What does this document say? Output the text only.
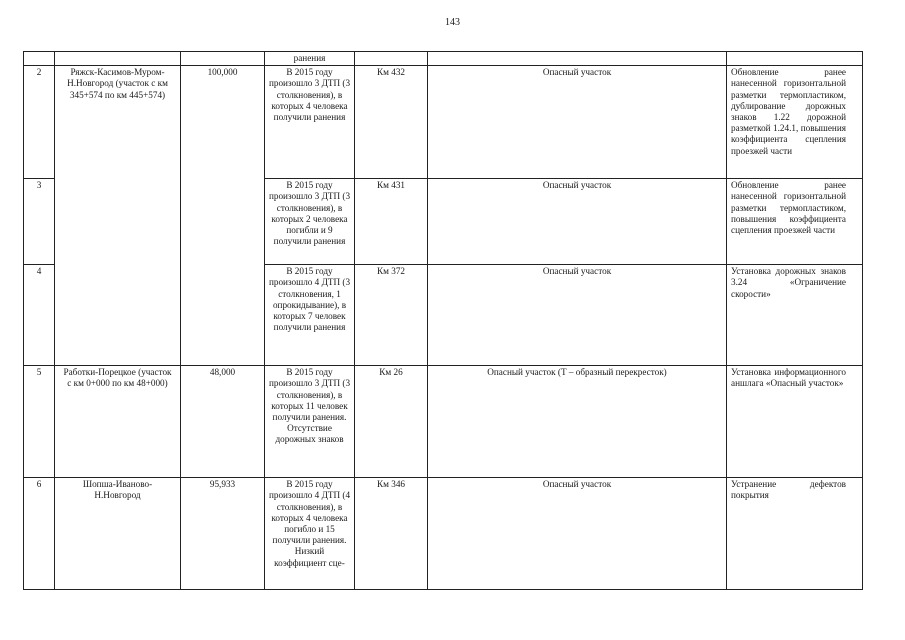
143
			ранения			
2	Ряжск-Касимов-Муром-Н.Новгород (участок с км 345+574 по км 445+574)	100,000	В 2015 году произошло 3 ДТП (3 столкновения), в которых 4 человека получили ранения	Км 432	Опасный участок	Обновление ранее нанесенной горизонтальной разметки термопластиком, дублирование дорожных знаков 1.22 дорожной разметкой 1.24.1, повышения коэффициента сцепления проезжей части
3			В 2015 году произошло 3 ДТП (3 столкновения), в которых 2 человека погибли и 9 получили ранения	Км 431	Опасный участок	Обновление ранее нанесенной горизонтальной разметки термопластиком, повышения коэффициента сцепления проезжей части
4			В 2015 году произошло 4 ДТП (3 столкновения, 1 опрокидывание), в которых 7 человек получили ранения	Км 372	Опасный участок	Установка дорожных знаков 3.24 «Ограничение скорости»
5	Работки-Порецкое (участок с км 0+000 по км 48+000)	48,000	В 2015 году произошло 3 ДТП (3 столкновения), в которых 11 человек получили ранения. Отсутствие дорожных знаков	Км 26	Опасный участок (Т – образный перекресток)	Установка информационного аншлага «Опасный участок»
6	Шопша-Иваново-Н.Новгород	95,933	В 2015 году произошло 4 ДТП (4 столкновения), в которых 4 человека погибло и 15 получили ранения. Низкий коэффициент сце-	Км 346	Опасный участок	Устранение дефектов покрытия
